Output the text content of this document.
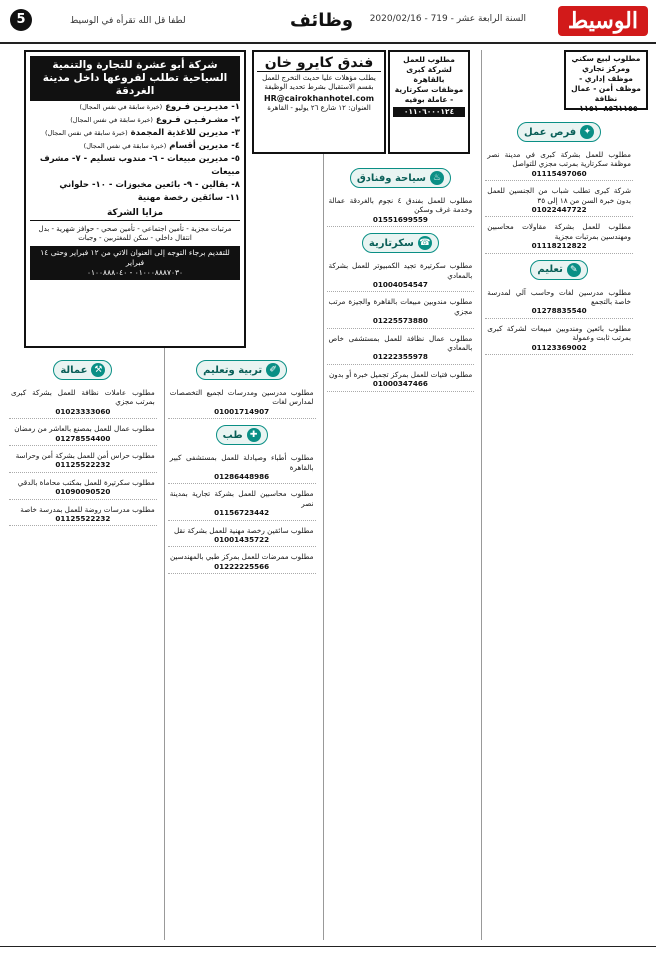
الوسيط
السنة الرابعة عشر - 719 - 2020/02/16
وظائف
لطفا قل الله تقرأه في الوسيط
5
✦
فرص عمل
مطلوب للعمل بشركة كبرى في مدينة نصر موظفة سكرتارية بمرتب مجزي للتواصل
01115497060
شركة كبرى تطلب شباب من الجنسين للعمل بدون خبرة السن من ١٨ إلى ٣٥
01022447722
مطلوب للعمل بشركة مقاولات محاسبين ومهندسين بمرتبات مجزية
01118212822
✎
تعليم
مطلوب مدرسين لغات وحاسب آلي لمدرسة خاصة بالتجمع
01278835540
مطلوب بائعين ومندوبين مبيعات لشركة كبرى بمرتب ثابت وعمولة
01123369002
♨
سياحة وفنادق
مطلوب للعمل بفندق ٤ نجوم بالغردقة عمالة وخدمة غرف وسكن
01551699559
☎
سكرتارية
مطلوب سكرتيرة تجيد الكمبيوتر للعمل بشركة بالمعادي
01004054547
مطلوب مندوبين مبيعات بالقاهرة والجيزة مرتب مجزي
01225573880
مطلوب عمال نظافة للعمل بمستشفى خاص بالمعادي
01222355978
مطلوب فتيات للعمل بمركز تجميل خبرة أو بدون
01000347466
✐
تربية وتعليم
مطلوب مدرسين ومدرسات لجميع التخصصات لمدارس لغات
01001714907
✚
طب
مطلوب أطباء وصيادلة للعمل بمستشفى كبير بالقاهرة
01286448986
مطلوب محاسبين للعمل بشركة تجارية بمدينة نصر
01156723442
مطلوب سائقين رخصة مهنية للعمل بشركة نقل
01001435722
مطلوب ممرضات للعمل بمركز طبي بالمهندسين
01222225566
⚒
عمالة
مطلوب عاملات نظافة للعمل بشركة كبرى بمرتب مجزي
01023333060
مطلوب عمال للعمل بمصنع بالعاشر من رمضان
01278554400
مطلوب حراس أمن للعمل بشركة أمن وحراسة
01125522232
مطلوب سكرتيرة للعمل بمكتب محاماة بالدقي
01090090520
مطلوب مدرسات روضة للعمل بمدرسة خاصة
01125522232
مطلوب لبيع سكني ومركز تجاري
موظف إداري - موظف أمن - عمال نظافة
٠١١٥١٠٨٥٦١١٥٥
مطلوب للعمل لشركة كبرى بالقاهرة
موظفات سكرتارية - عاملة بوفيه
٠١١٠٦٠٠٠١٢٤
فندق كايرو خان
يطلب مؤهلات عليا حديث التخرج للعمل بقسم الاستقبال بشرط تحديد الوظيفة
HR@cairokhanhotel.com
العنوان: ١٢ شارع ٢٦ يوليو - القاهرة
شركة أبو عشرة للتجارة والتنمية السياحية تطلب لفروعها داخل مدينة الغردقة
١- مديـريـن فـروع (خبرة سابقة في نفس المجال)
٢- مشـرفـيـن فـروع (خبرة سابقة في نفس المجال)
٣- مديرين للاغذية المجمدة (خبرة سابقة في نفس المجال)
٤- مديرين أقسام (خبرة سابقة في نفس المجال)
٥- مديرين مبيعات - ٦- مندوب تسليم - ٧- مشرف مبيعات
٨- بقالين - ٩- بائعين مخبوزات - ١٠- حلواني
١١- سائقين رخصة مهنية
مزايا الشركة
مرتبات مجزية - تأمين اجتماعي - تأمين صحي - حوافز شهرية - بدل انتقال داخلي - سكن للمغتربين - وجبات
للتقديم برجاء التوجه إلى العنوان الاتي من ١٢ فبراير وحتى ١٤ فبراير
٠١٠٠٠٨٨٨٧٠٣٠ - ٠١٠٠٨٨٨٠٤٠
